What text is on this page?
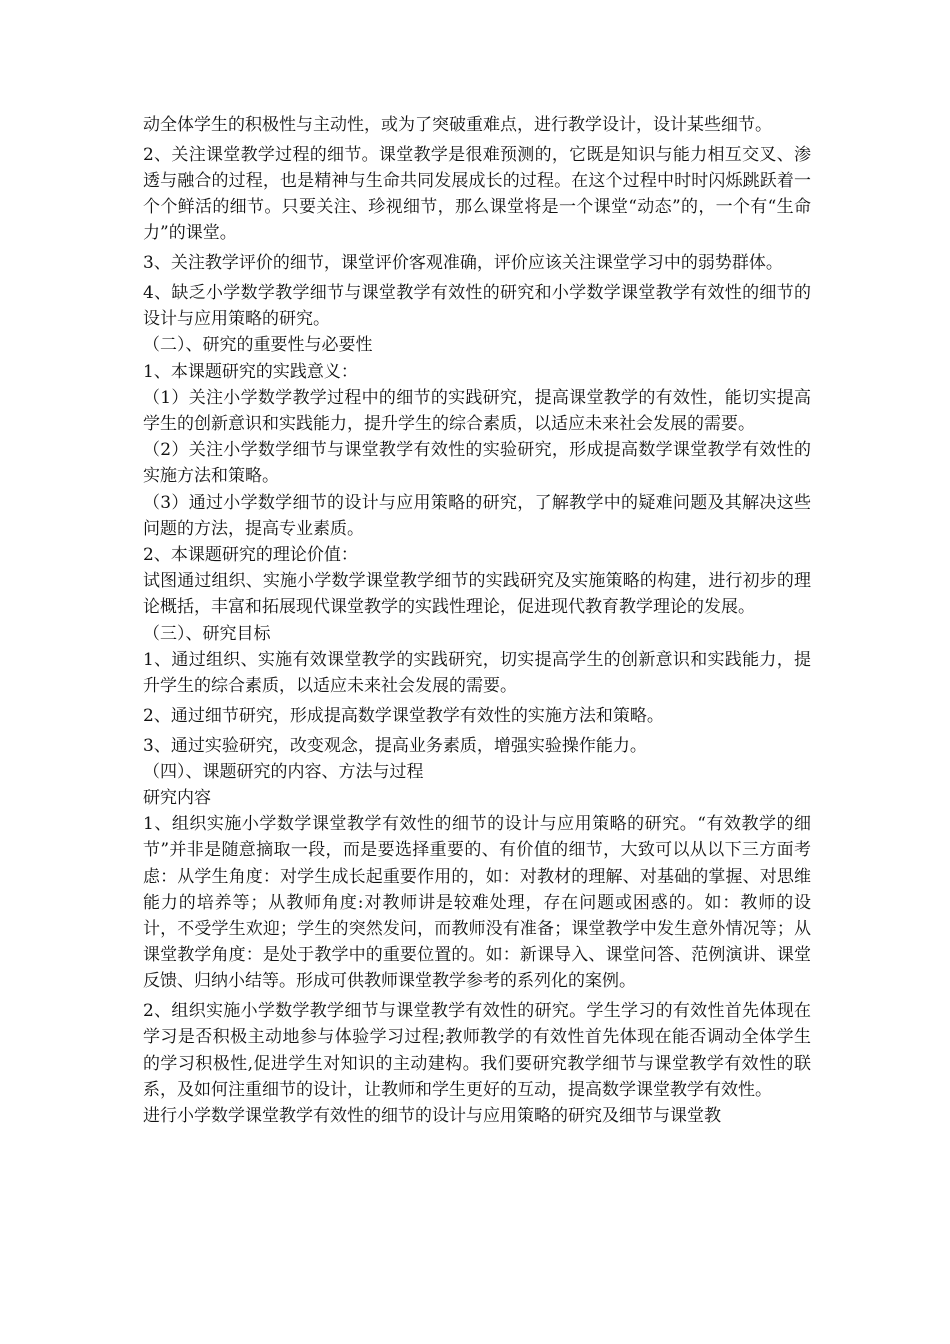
动全体学生的积极性与主动性，或为了突破重难点，进行教学设计，设计某些细节。

2、关注课堂教学过程的细节。课堂教学是很难预测的，它既是知识与能力相互交叉、渗透与融合的过程，也是精神与生命共同发展成长的过程。在这个过程中时时闪烁跳跃着一个个鲜活的细节。只要关注、珍视细节，那么课堂将是一个课堂“动态”的，一个有“生命力”的课堂。

3、关注教学评价的细节，课堂评价客观准确，评价应该关注课堂学习中的弱势群体。

4、缺乏小学数学教学细节与课堂教学有效性的研究和小学数学课堂教学有效性的细节的设计与应用策略的研究。

（二）、研究的重要性与必要性

1、本课题研究的实践意义：

（1）关注小学数学教学过程中的细节的实践研究，提高课堂教学的有效性，能切实提高学生的创新意识和实践能力，提升学生的综合素质，以适应未来社会发展的需要。

（2）关注小学数学细节与课堂教学有效性的实验研究，形成提高数学课堂教学有效性的实施方法和策略。

（3）通过小学数学细节的设计与应用策略的研究，了解教学中的疑难问题及其解决这些问题的方法，提高专业素质。

2、本课题研究的理论价值：

试图通过组织、实施小学数学课堂教学细节的实践研究及实施策略的构建，进行初步的理论概括，丰富和拓展现代课堂教学的实践性理论，促进现代教育教学理论的发展。

（三）、研究目标

1、通过组织、实施有效课堂教学的实践研究，切实提高学生的创新意识和实践能力，提升学生的综合素质，以适应未来社会发展的需要。

2、通过细节研究，形成提高数学课堂教学有效性的实施方法和策略。

3、通过实验研究，改变观念，提高业务素质，增强实验操作能力。

（四）、课题研究的内容、方法与过程

研究内容

1、组织实施小学数学课堂教学有效性的细节的设计与应用策略的研究。“有效教学的细节”并非是随意摘取一段，而是要选择重要的、有价值的细节，大致可以从以下三方面考虑：从学生角度：对学生成长起重要作用的，如：对教材的理解、对基础的掌握、对思维能力的培养等；从教师角度:对教师讲是较难处理，存在问题或困惑的。如：教师的设计，不受学生欢迎；学生的突然发问，而教师没有准备；课堂教学中发生意外情况等；从课堂教学角度：是处于教学中的重要位置的。如：新课导入、课堂问答、范例演讲、课堂反馈、归纳小结等。形成可供教师课堂教学参考的系列化的案例。

2、组织实施小学数学教学细节与课堂教学有效性的研究。学生学习的有效性首先体现在学习是否积极主动地参与体验学习过程;教师教学的有效性首先体现在能否调动全体学生的学习积极性,促进学生对知识的主动建构。我们要研究教学细节与课堂教学有效性的联系，及如何注重细节的设计，让教师和学生更好的互动，提高数学课堂教学有效性。

进行小学数学课堂教学有效性的细节的设计与应用策略的研究及细节与课堂教
